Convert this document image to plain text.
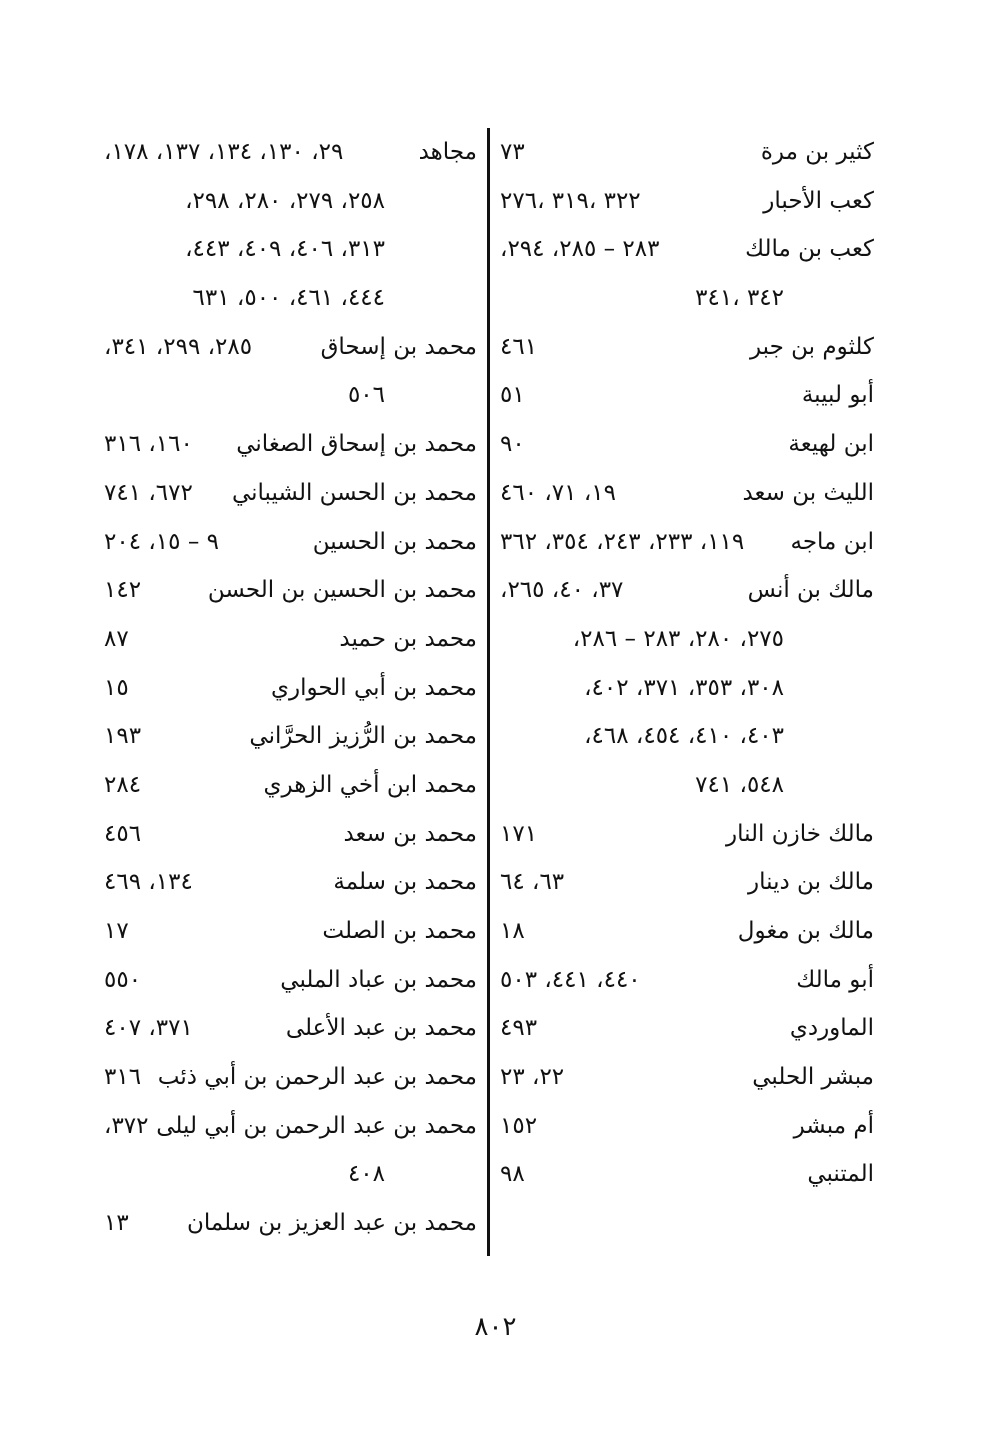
كثير بن مرة
٧٣
كعب الأحبار
٣٢٢ ،٣١٩ ،٢٧٦
كعب بن مالك
٢٨٣ – ٢٨٥، ٢٩٤،
٣٤٢ ،٣٤١
كلثوم بن جبر
٤٦١
أبو لبيبة
٥١
ابن لهيعة
٩٠
الليث بن سعد
١٩، ٧١، ٤٦٠
ابن ماجه
١١٩، ٢٣٣، ٢٤٣، ٣٥٤، ٣٦٢
مالك بن أنس
٣٧، ٤٠، ٢٦٥،
٢٧٥، ٢٨٠، ٢٨٣ – ٢٨٦،
٣٠٨، ٣٥٣، ٣٧١، ٤٠٢،
٤٠٣، ٤١٠، ٤٥٤، ٤٦٨،
٥٤٨، ٧٤١
مالك خازن النار
١٧١
مالك بن دينار
٦٣، ٦٤
مالك بن مغول
١٨
أبو مالك
٤٤٠، ٤٤١، ٥٠٣
الماوردي
٤٩٣
مبشر الحلبي
٢٢، ٢٣
أم مبشر
١٥٢
المتنبي
٩٨
مجاهد
٢٩، ١٣٠، ١٣٤، ١٣٧، ١٧٨،
٢٥٨، ٢٧٩، ٢٨٠، ٢٩٨،
٣١٣، ٤٠٦، ٤٠٩، ٤٤٣،
٤٤٤، ٤٦١، ٥٠٠، ٦٣١
محمد بن إسحاق
٢٨٥، ٢٩٩، ٣٤١،
٥٠٦
محمد بن إسحاق الصغاني
١٦٠، ٣١٦
محمد بن الحسن الشيباني
٦٧٢، ٧٤١
محمد بن الحسين
٩ – ١٥، ٢٠٤
محمد بن الحسين بن الحسن
١٤٢
محمد بن حميد
٨٧
محمد بن أبي الحواري
١٥
محمد بن الرُّزيز الحرَّاني
١٩٣
محمد ابن أخي الزهري
٢٨٤
محمد بن سعد
٤٥٦
محمد بن سلمة
١٣٤، ٤٦٩
محمد بن الصلت
١٧
محمد بن عباد الملبي
٥٥٠
محمد بن عبد الأعلى
٣٧١، ٤٠٧
محمد بن عبد الرحمن بن أبي ذئب
٣١٦
محمد بن عبد الرحمن بن أبي ليلى
٣٧٢،
٤٠٨
محمد بن عبد العزيز بن سلمان
١٣
٨٠٢
